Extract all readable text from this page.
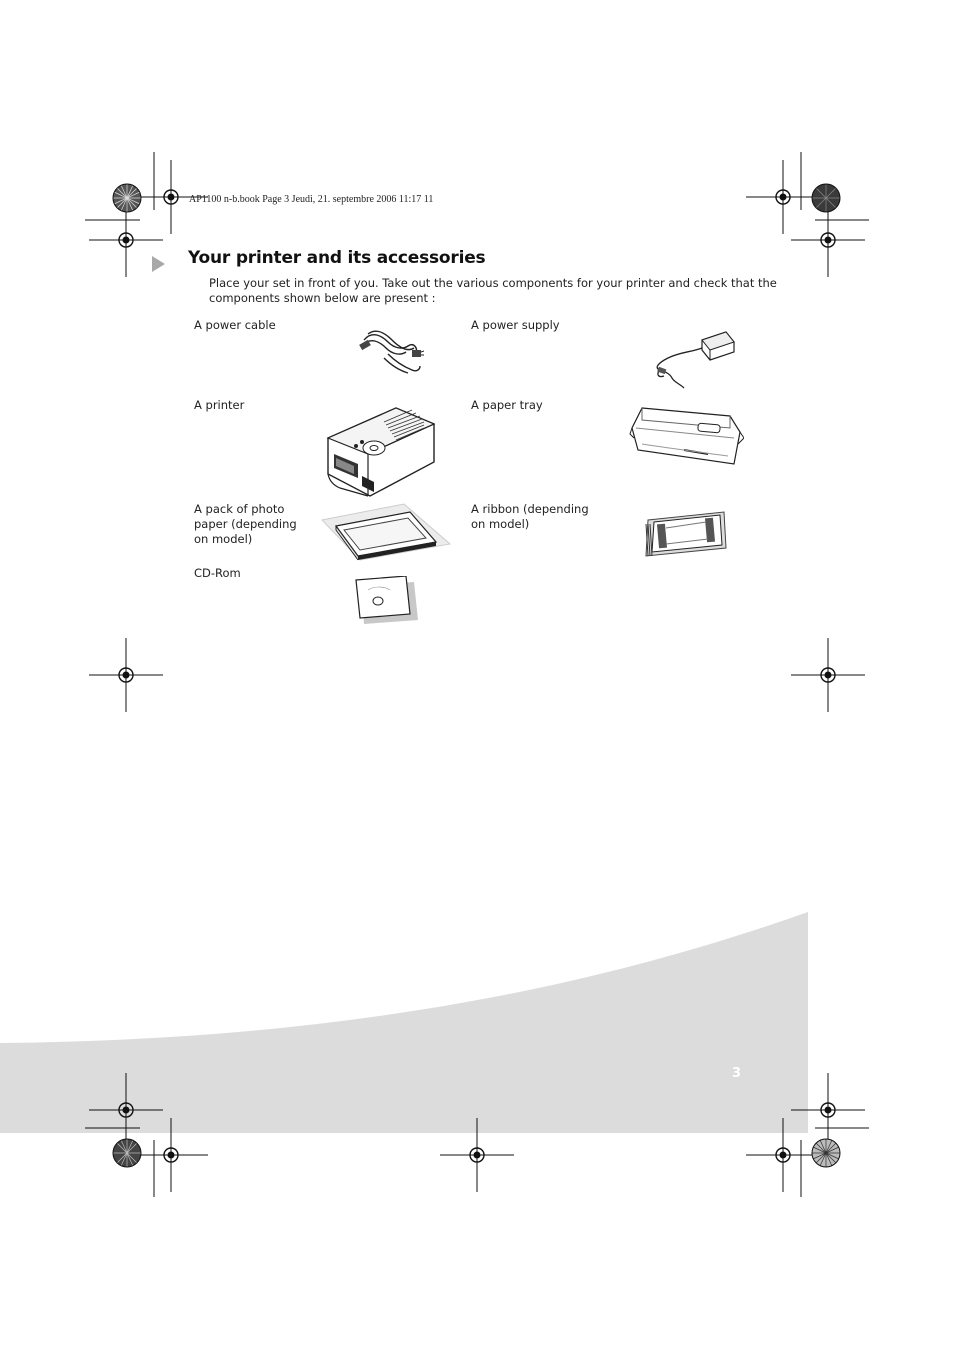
AP1100 n-b.book Page 3 Jeudi, 21. septembre 2006 11:17 11
Your printer and its accessories
Place your set in front of you. Take out the various components for your printer and check that the components shown below are present :
A power cable	A power supply
A printer	A paper tray
A pack of photo paper (depending on model)
A ribbon (depending on model)
CD-Rom
3
